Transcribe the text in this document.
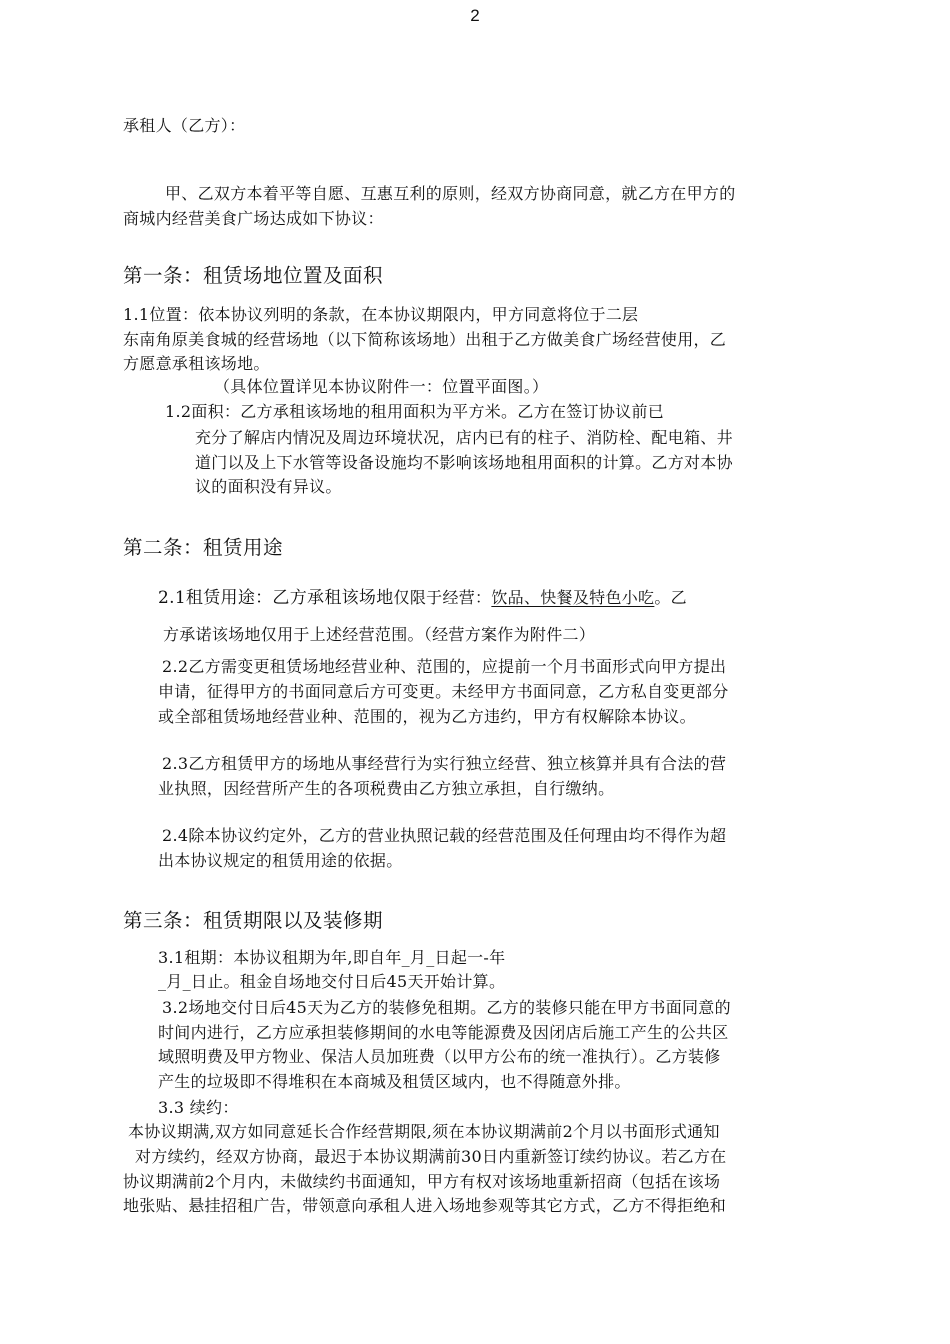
2
承租人（乙方）：
甲、乙双方本着平等自愿、互惠互利的原则，经双方协商同意，就乙方在甲方的
商城内经营美食广场达成如下协议：
第一条：租赁场地位置及面积
1.1位置：依本协议列明的条款，在本协议期限内，甲方同意将位于二层
东南角原美食城的经营场地（以下简称该场地）出租于乙方做美食广场经营使用，乙
方愿意承租该场地。
（具体位置详见本协议附件一：位置平面图。）
1.2面积：乙方承租该场地的租用面积为平方米。乙方在签订协议前已
充分了解店内情况及周边环境状况，店内已有的柱子、消防栓、配电箱、井
道门以及上下水管等设备设施均不影响该场地租用面积的计算。乙方对本协
议的面积没有异议。
第二条：租赁用途
2.1租赁用途：乙方承租该场地仅限于经营：饮品、快餐及特色小吃。乙
方承诺该场地仅用于上述经营范围。（经营方案作为附件二）
2.2乙方需变更租赁场地经营业种、范围的，应提前一个月书面形式向甲方提出
申请，征得甲方的书面同意后方可变更。未经甲方书面同意，乙方私自变更部分
或全部租赁场地经营业种、范围的，视为乙方违约，甲方有权解除本协议。
2.3乙方租赁甲方的场地从事经营行为实行独立经营、独立核算并具有合法的营
业执照，因经营所产生的各项税费由乙方独立承担，自行缴纳。
2.4除本协议约定外，乙方的营业执照记载的经营范围及任何理由均不得作为超
出本协议规定的租赁用途的依据。
第三条：租赁期限以及装修期
3.1租期：本协议租期为年,即自年_月_日起一-年
_月_日止。租金自场地交付日后45天开始计算。
3.2场地交付日后45天为乙方的装修免租期。乙方的装修只能在甲方书面同意的
时间内进行，乙方应承担装修期间的水电等能源费及因闭店后施工产生的公共区
域照明费及甲方物业、保洁人员加班费（以甲方公布的统一准执行）。乙方装修
产生的垃圾即不得堆积在本商城及租赁区域内，也不得随意外排。
3.3 续约：
本协议期满,双方如同意延长合作经营期限,须在本协议期满前2个月以书面形式通知
对方续约，经双方协商，最迟于本协议期满前30日内重新签订续约协议。若乙方在
协议期满前2个月内，未做续约书面通知，甲方有权对该场地重新招商（包括在该场
地张贴、悬挂招租广告，带领意向承租人进入场地参观等其它方式，乙方不得拒绝和
